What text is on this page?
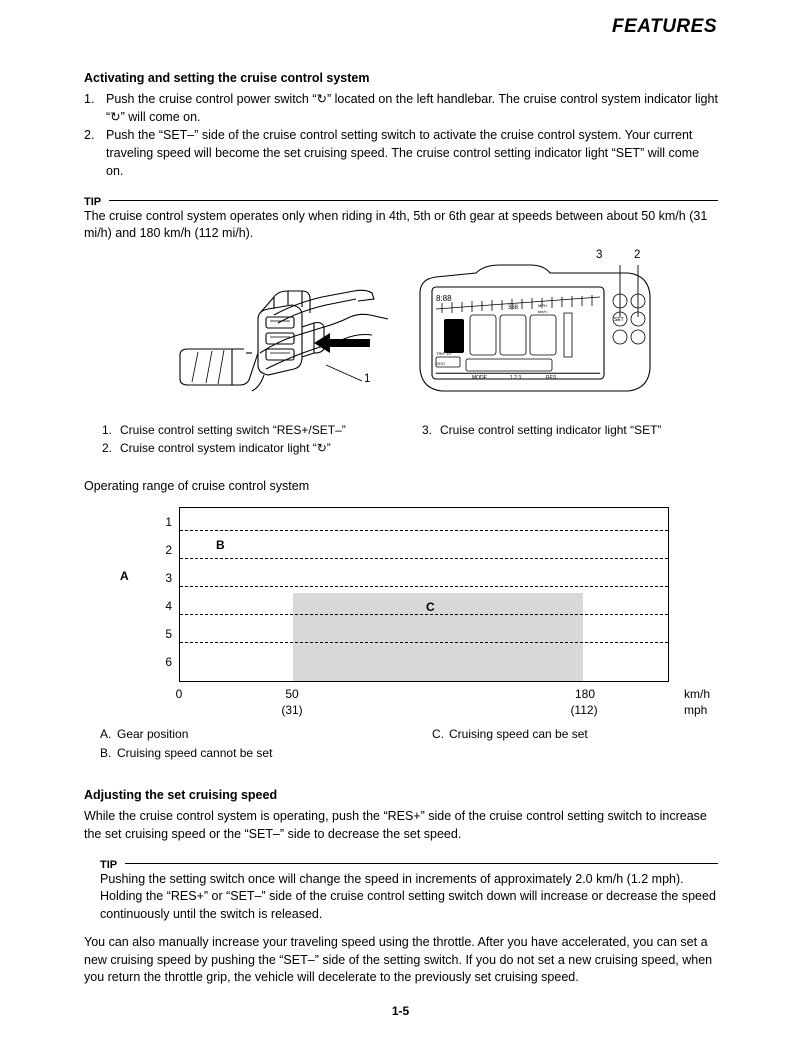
FEATURES
Activating and setting the cruise control system
1. Push the cruise control power switch “↻” located on the left handlebar. The cruise control system indicator light “↻” will come on.
2. Push the “SET–” side of the cruise control setting switch to activate the cruise control system. Your current traveling speed will become the set cruising speed. The cruise control setting indicator light “SET” will come on.
TIP
The cruise control system operates only when riding in 4th, 5th or 6th gear at speeds between about 50 km/h (31 mi/h) and 180 km/h (112 mi/h).
1
8:88
388	MPH
km/h
TRIP 1/F
ODO
MODE	1 2 3	RES
SET
3	2
1. Cruise control setting switch “RES+/SET–”
2. Cruise control system indicator light “↻”
3. Cruise control setting indicator light “SET”
Operating range of cruise control system
A
1
2
3
4
5
6
B
C
0	50	180
(31)	(112)
km/h
mph
A. Gear position
B. Cruising speed cannot be set
C. Cruising speed can be set
Adjusting the set cruising speed
While the cruise control system is operating, push the “RES+” side of the cruise control setting switch to increase the set cruising speed or the “SET–” side to decrease the set speed.
TIP
Pushing the setting switch once will change the speed in increments of approximately 2.0 km/h (1.2 mph). Holding the “RES+” or “SET–” side of the cruise control setting switch down will increase or decrease the speed continuously until the switch is released.
You can also manually increase your traveling speed using the throttle. After you have accelerated, you can set a new cruising speed by pushing the “SET–” side of the setting switch. If you do not set a new cruising speed, when you return the throttle grip, the vehicle will decelerate to the previously set cruising speed.
1-5
